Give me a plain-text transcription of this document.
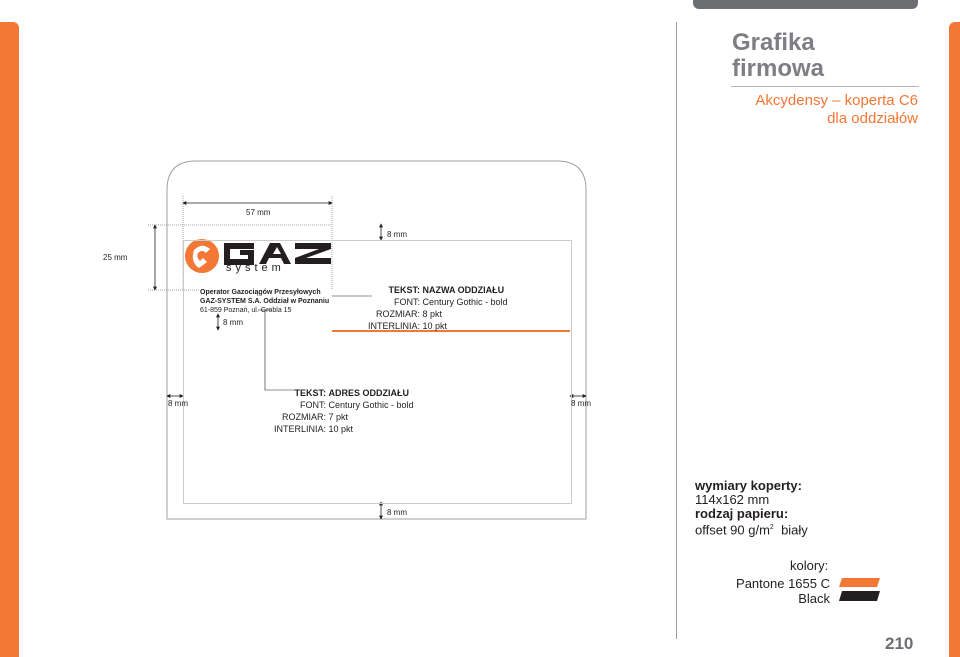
Grafika
firmowa
Akcydensy – koperta C6
dla oddziałów
system
57 mm
25 mm
8 mm
8 mm
8 mm	8 mm
8 mm
Operator Gazociągów Przesyłowych
GAZ-SYSTEM S.A. Oddział w Poznaniu
61-859 Poznań, ul. Grobla 15
TEKST: NAZWA ODDZIAŁU
FONT: Century Gothic - bold
ROZMIAR: 8 pkt
INTERLINIA: 10 pkt
TEKST: ADRES ODDZIAŁU
FONT: Century Gothic - bold
ROZMIAR: 7 pkt
INTERLINIA: 10 pkt
wymiary koperty:
114x162 mm
rodzaj papieru:
offset 90 $g/m^2$ biały
kolory:
Pantone 1655 C
Black
210
